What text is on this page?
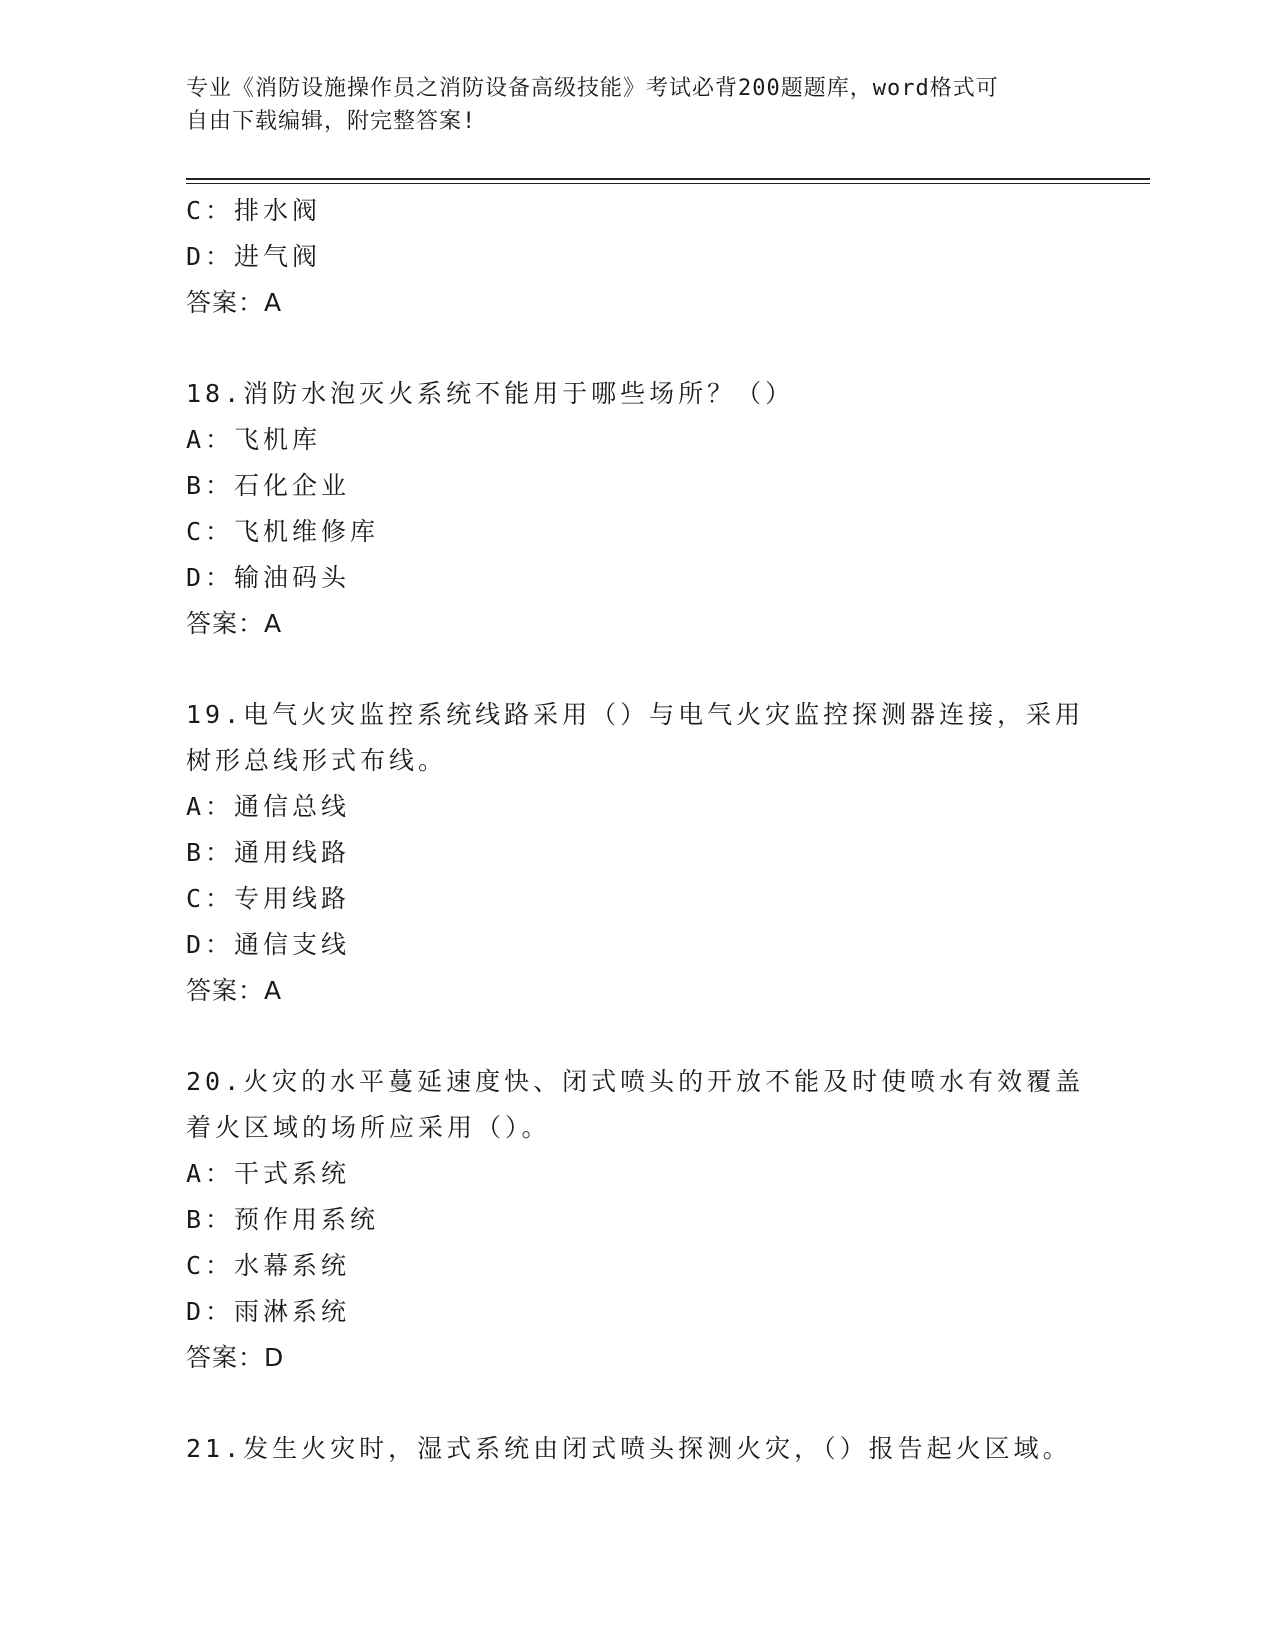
专业《消防设施操作员之消防设备高级技能》考试必背200题题库，word格式可
自由下载编辑，附完整答案!
C：排水阀
D：进气阀
答案：A
18.消防水泡灭火系统不能用于哪些场所？（）
A：飞机库
B：石化企业
C：飞机维修库
D：输油码头
答案：A
19.电气火灾监控系统线路采用（）与电气火灾监控探测器连接，采用
树形总线形式布线。
A：通信总线
B：通用线路
C：专用线路
D：通信支线
答案：A
20.火灾的水平蔓延速度快、闭式喷头的开放不能及时使喷水有效覆盖
着火区域的场所应采用（）。
A：干式系统
B：预作用系统
C：水幕系统
D：雨淋系统
答案：D
21.发生火灾时，湿式系统由闭式喷头探测火灾，（）报告起火区域。
